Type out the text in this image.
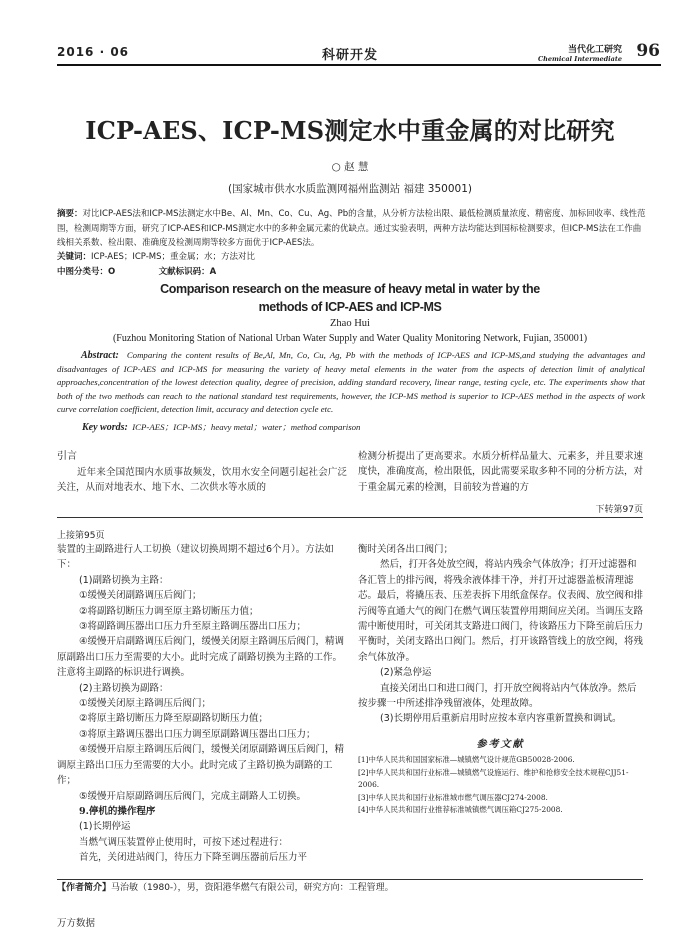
2016 · 06	科研开发	当代化工研究
Chemical Intermediate 96
ICP-AES、ICP-MS测定水中重金属的对比研究
○ 赵 慧
(国家城市供水水质监测网福州监测站 福建 350001)
摘要：对比ICP-AES法和ICP-MS法测定水中Be、Al、Mn、Co、Cu、Ag、Pb的含量，从分析方法检出限、最低检测质量浓度、精密度、加标回收率、线性范围，检测周期等方面，研究了ICP-AES和ICP-MS测定水中的多种金属元素的优缺点。通过实验表明，两种方法均能达到国标检测要求，但ICP-MS法在工作曲线相关系数、检出限、准确度及检测周期等较多方面优于ICP-AES法。
关键词：ICP-AES；ICP-MS；重金属；水；方法对比
中图分类号：O	文献标识码：A
Comparison research on the measure of heavy metal in water by the
methods of ICP-AES and ICP-MS
Zhao Hui
(Fuzhou Monitoring Station of National Urban Water Supply and Water Quality Monitoring Network, Fujian, 350001)
Abstract: Comparing the content results of Be,Al, Mn, Co, Cu, Ag, Pb with the methods of ICP-AES and ICP-MS,and studying the advantages and disadvantages of ICP-AES and ICP-MS for measuring the variety of heavy metal elements in the water from the aspects of detection limit of analytical approaches,concentration of the lowest detection quality, degree of precision, adding standard recovery, linear range, testing cycle, etc. The experiments show that both of the two methods can reach to the national standard test requirements, however, the ICP-MS method is superior to ICP-AES method in the aspects of work curve correlation coefficient, detection limit, accuracy and detection cycle etc.
Key words: ICP-AES；ICP-MS；heavy metal；water；method comparison
引言
近年来全国范围内水质事故频发，饮用水安全问题引起社会广泛关注，从而对地表水、地下水、二次供水等水质的
检测分析提出了更高要求。水质分析样品量大、元素多，并且要求速度快，准确度高，检出限低，因此需要采取多种不同的分析方法，对于重金属元素的检测，目前较为普遍的方
下转第97页
上接第95页

装置的主副路进行人工切换（建议切换周期不超过6个月）。方法如下：

(1)副路切换为主路：

①缓慢关闭副路调压后阀门；

②将副路切断压力调至原主路切断压力值；

③将副路调压器出口压力升至原主路调压器出口压力；

④缓慢开启副路调压后阀门，缓慢关闭原主路调压后阀门，精调原副路出口压力至需要的大小。此时完成了副路切换为主路的工作。注意将主副路的标识进行调换。

(2)主路切换为副路：

①缓慢关闭原主路调压后阀门；

②将原主路切断压力降至原副路切断压力值；

③将原主路调压器出口压力调至原副路调压器出口压力；

④缓慢开启原主路调压后阀门，缓慢关闭原副路调压后阀门，精调原主路出口压力至需要的大小。此时完成了主路切换为副路的工作；

⑤缓慢开启原副路调压后阀门，完成主副路人工切换。

9.停机的操作程序

(1)长期停运

当燃气调压装置停止使用时，可按下述过程进行：

首先，关闭进站阀门，待压力下降至调压器前后压力平

衡时关闭各出口阀门；

然后，打开各处放空阀，将站内残余气体放净；打开过滤器和各汇管上的排污阀，将残余液体排干净，并打开过滤器盖板清理滤芯。最后，将撬压表、压差表拆下用纸盒保存。仪表阀、放空阀和排污阀等直通大气的阀门在燃气调压装置停用期间应关闭。当调压支路需中断使用时，可关闭其支路进口阀门，待该路压力下降至前后压力平衡时，关闭支路出口阀门。然后，打开该路管线上的放空阀，将残余气体放净。

(2)紧急停运

直接关闭出口和进口阀门，打开放空阀将站内气体放净。然后按步骤一中所述排净残留液体，处理故障。

(3)长期停用后重新启用时应按本章内容重新置换和调试。

参考文献

[1]中华人民共和国国家标准—城镇燃气设计规范GB50028-2006.

[2]中华人民共和国行业标准—城镇燃气设施运行、维护和抢修安全技术规程CJJ51-2006.

[3]中华人民共和国行业标准城市燃气调压器CJ274-2008.

[4]中华人民共和国行业推荐标准城镇燃气调压箱CJ275-2008.

【作者简介】马治敏（1980-），男，资阳港华燃气有限公司，研究方向：工程管理。
万方数据
